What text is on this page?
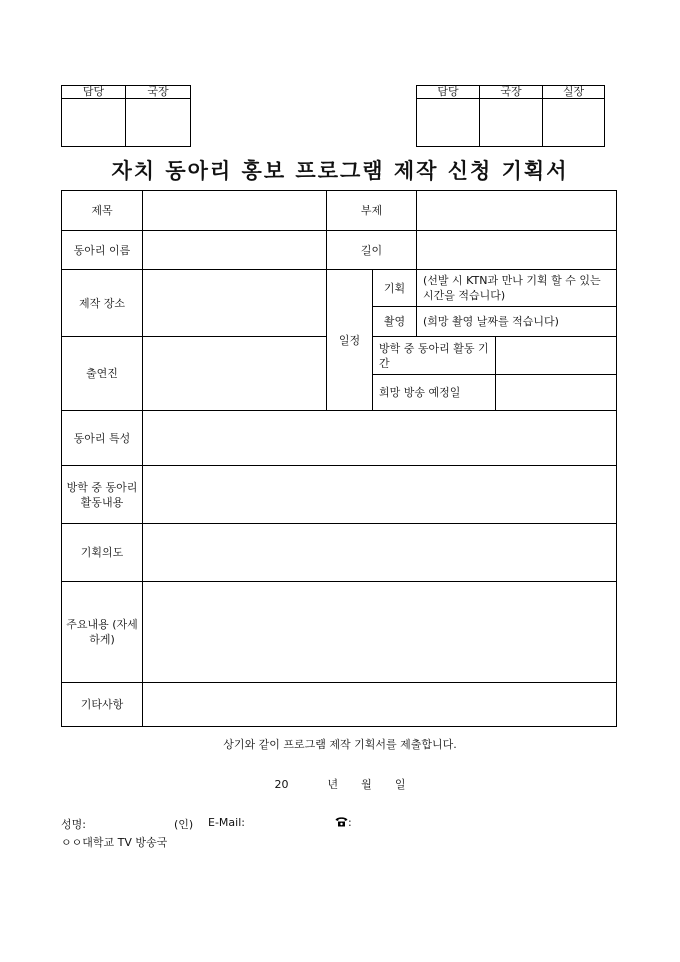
담당	국장
		담당	국장	실장

자치 동아리 홍보 프로그램 제작 신청 기획서
제목		부제			
동아리 이름		길이			
제작 장소		일정	기획	(선발 시 KTN과 만나 기획 할 수 있는 시간을 적습니다)	
			촬영	(희망 촬영 날짜를 적습니다)	
출연진			방학 중 동아리 활동 기간		
			희망 방송 예정일		
동아리 특성					
방학 중 동아리 활동내용					
기획의도					
주요내용 (자세하게)					
기타사항					
상기와 같이 프로그램 제작 기획서를 제출합니다.
20	년 월 일
성명:	(인) E-Mail:	:
ㅇㅇ대학교 TV 방송국
